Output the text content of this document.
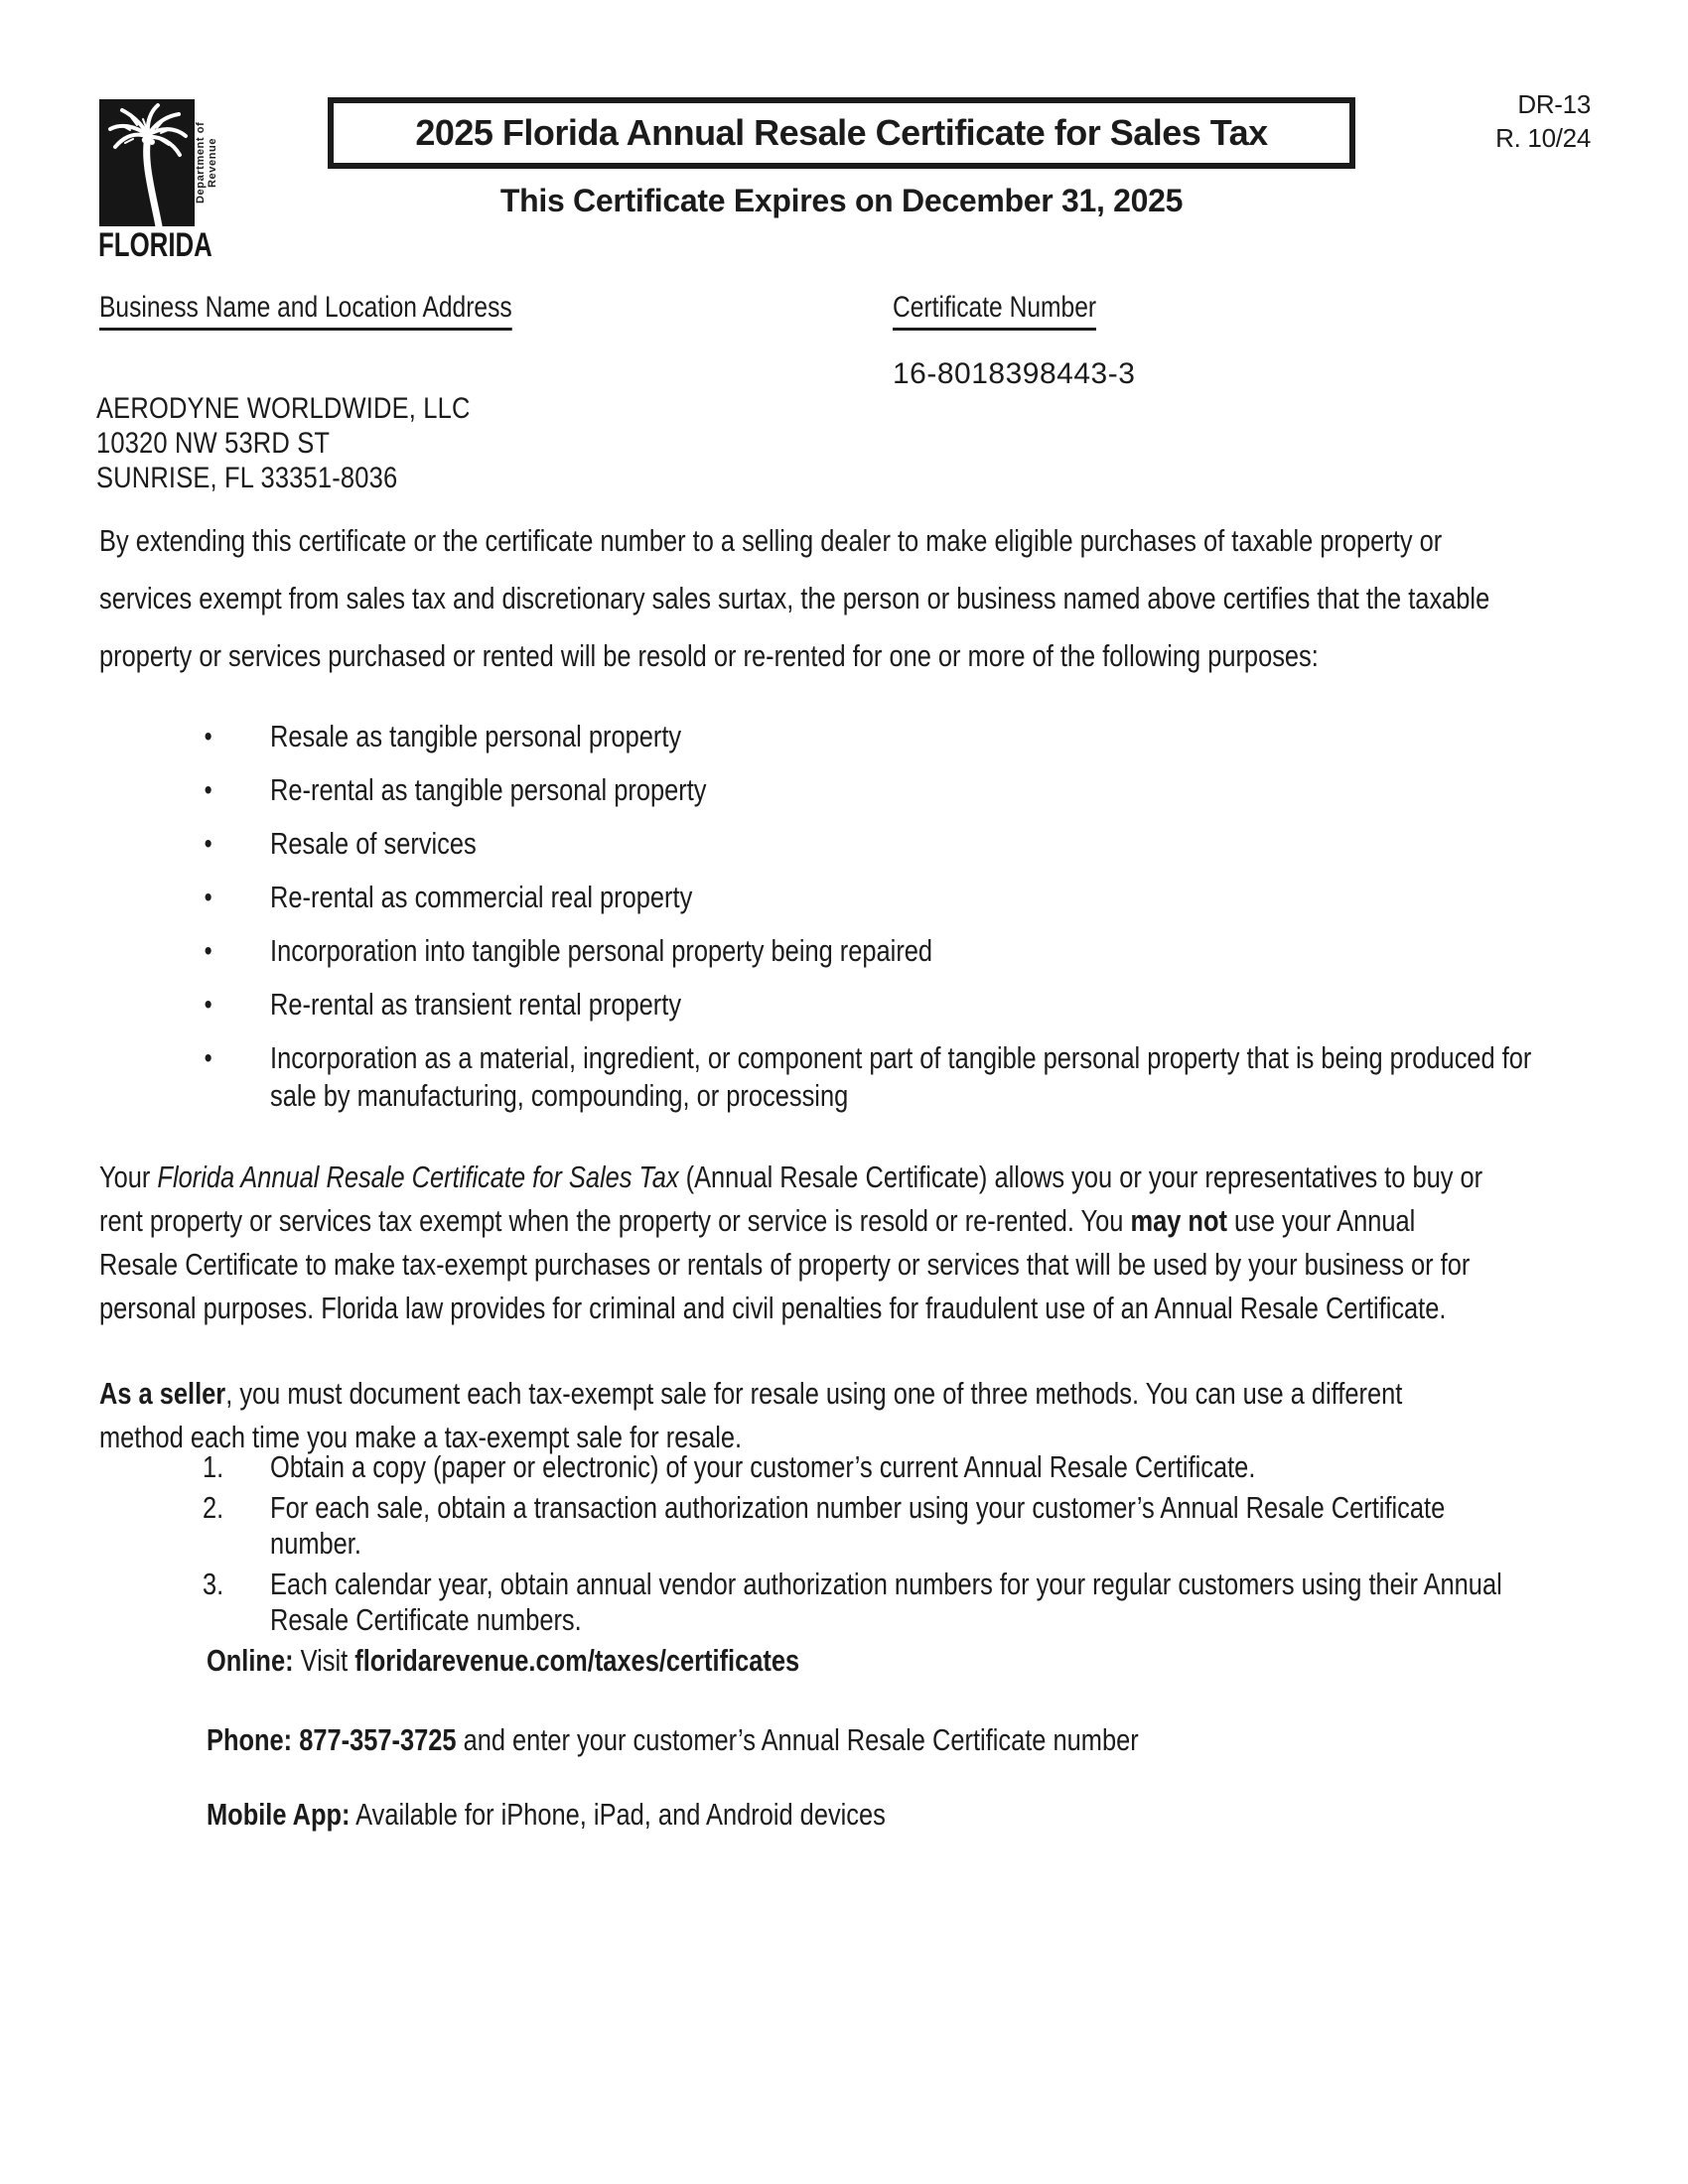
Department of Revenue
FLORIDA
2025 Florida Annual Resale Certificate for Sales Tax
This Certificate Expires on December 31, 2025
DR-13
R. 10/24
Business Name and Location Address	Certificate Number
16-8018398443-3
AERODYNE WORLDWIDE, LLC
10320 NW 53RD ST
SUNRISE, FL 33351-8036
By extending this certificate or the certificate number to a selling dealer to make eligible purchases of taxable property or services exempt from sales tax and discretionary sales surtax, the person or business named above certifies that the taxable property or services purchased or rented will be resold or re-rented for one or more of the following purposes:
• Resale as tangible personal property
• Re-rental as tangible personal property
• Resale of services
• Re-rental as commercial real property
• Incorporation into tangible personal property being repaired
• Re-rental as transient rental property
• Incorporation as a material, ingredient, or component part of tangible personal property that is being produced for sale by manufacturing, compounding, or processing
Your Florida Annual Resale Certificate for Sales Tax (Annual Resale Certificate) allows you or your representatives to buy or rent property or services tax exempt when the property or service is resold or re-rented. You may not use your Annual Resale Certificate to make tax-exempt purchases or rentals of property or services that will be used by your business or for personal purposes. Florida law provides for criminal and civil penalties for fraudulent use of an Annual Resale Certificate.
As a seller, you must document each tax-exempt sale for resale using one of three methods. You can use a different method each time you make a tax-exempt sale for resale.
1.	Obtain a copy (paper or electronic) of your customer’s current Annual Resale Certificate.
2.	For each sale, obtain a transaction authorization number using your customer’s Annual Resale Certificate number.
3.	Each calendar year, obtain annual vendor authorization numbers for your regular customers using their Annual Resale Certificate numbers.
Online: Visit floridarevenue.com/taxes/certificates
Phone: 877-357-3725 and enter your customer’s Annual Resale Certificate number
Mobile App: Available for iPhone, iPad, and Android devices
